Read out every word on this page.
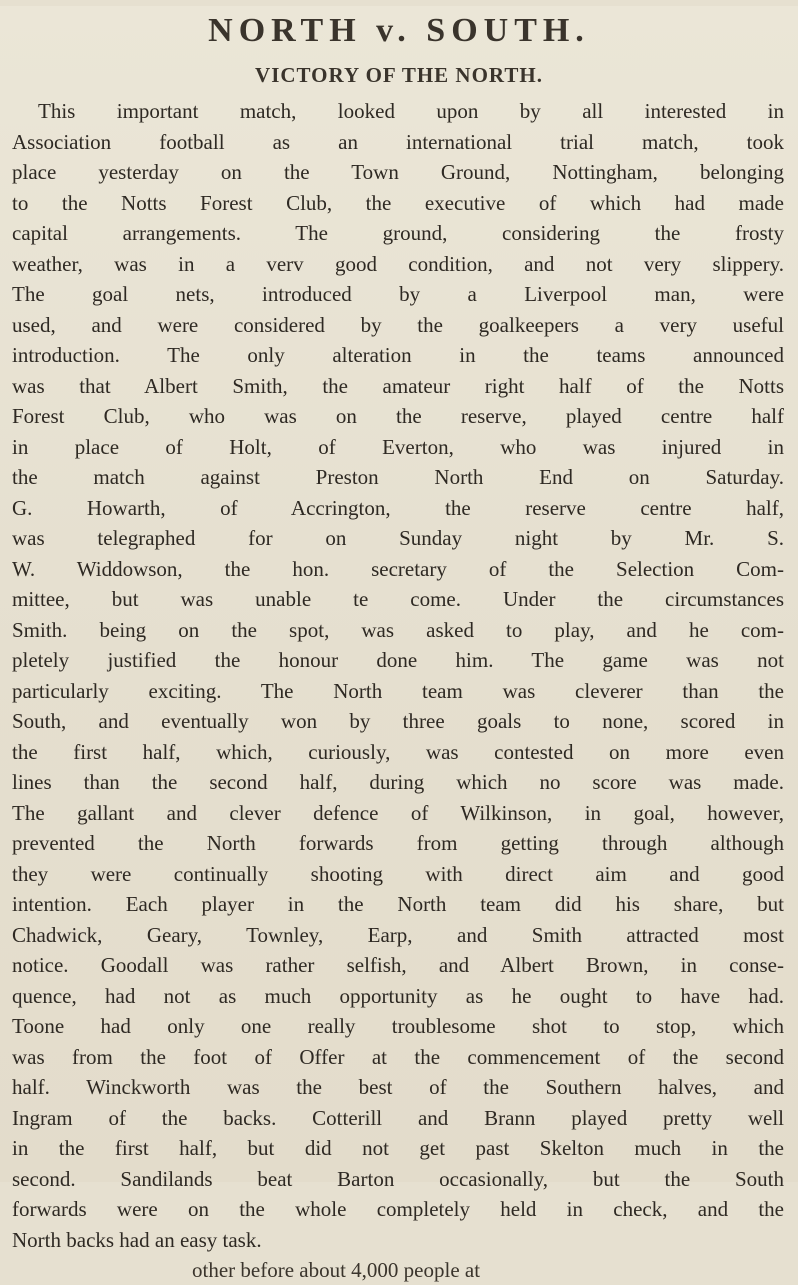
NORTH v. SOUTH.
VICTORY OF THE NORTH.
This important match, looked upon by all interested in
Association football as an international trial match, took
place yesterday on the Town Ground, Nottingham, belonging
to the Notts Forest Club, the executive of which had made
capital arrangements. The ground, considering the frosty
weather, was in a verv good condition, and not very slippery.
The goal nets, introduced by a Liverpool man, were
used, and were considered by the goalkeepers a very useful
introduction. The only alteration in the teams announced
was that Albert Smith, the amateur right half of the Notts
Forest Club, who was on the reserve, played centre half
in place of Holt, of Everton, who was injured in
the match against Preston North End on Saturday.
G. Howarth, of Accrington, the reserve centre half,
was telegraphed for on Sunday night by Mr. S.
W. Widdowson, the hon. secretary of the Selection Com-
mittee, but was unable te come. Under the circumstances
Smith. being on the spot, was asked to play, and he com-
pletely justified the honour done him. The game was not
particularly exciting. The North team was cleverer than the
South, and eventually won by three goals to none, scored in
the first half, which, curiously, was contested on more even
lines than the second half, during which no score was made.
The gallant and clever defence of Wilkinson, in goal, however,
prevented the North forwards from getting through although
they were continually shooting with direct aim and good
intention. Each player in the North team did his share, but
Chadwick, Geary, Townley, Earp, and Smith attracted most
notice. Goodall was rather selfish, and Albert Brown, in conse-
quence, had not as much opportunity as he ought to have had.
Toone had only one really troublesome shot to stop, which
was from the foot of Offer at the commencement of the second
half. Winckworth was the best of the Southern halves, and
Ingram of the backs. Cotterill and Brann played pretty well
in the first half, but did not get past Skelton much in the
second. Sandilands beat Barton occasionally, but the South
forwards were on the whole completely held in check, and the
North backs had an easy task.
other before about 4,000 people at
